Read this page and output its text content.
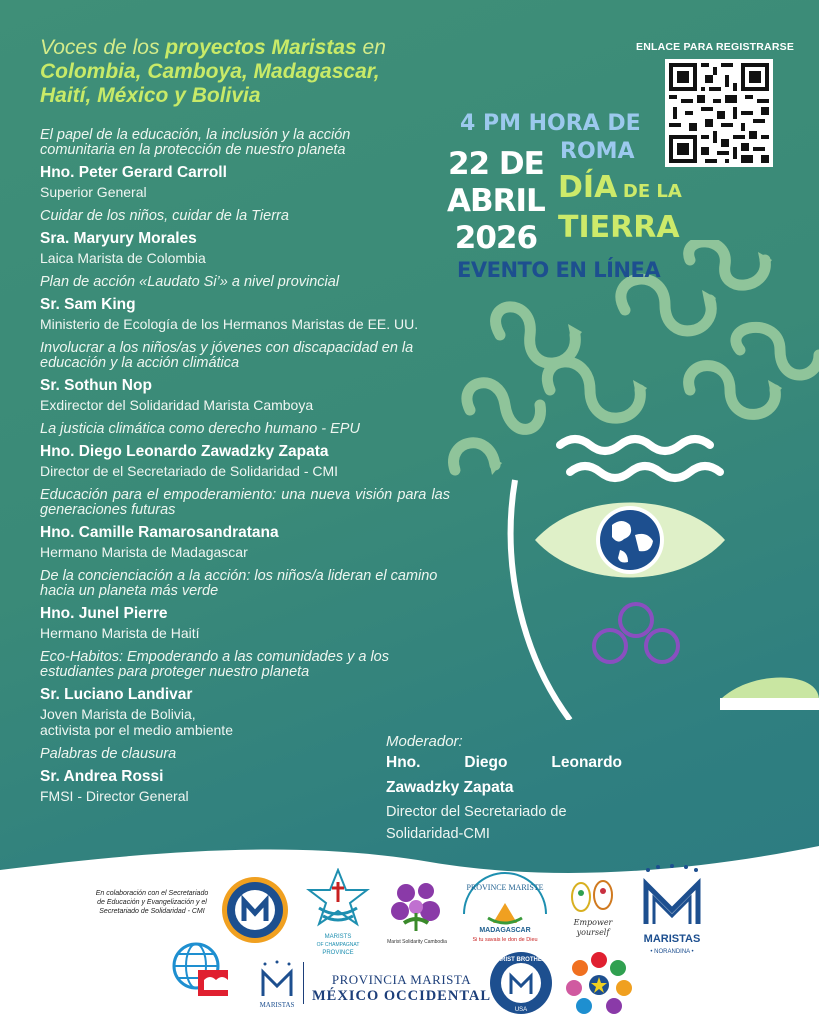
Voces de los proyectos Maristas en
Colombia, Camboya, Madagascar,
Haití, México y Bolivia
El papel de la educación, la inclusión y la acción comunitaria en la protección de nuestro planeta
Hno. Peter Gerard Carroll
Superior General
Cuidar de los niños, cuidar de la Tierra
Sra. Maryury Morales
Laica Marista de Colombia
Plan de acción «Laudato Si’» a nivel provincial
Sr. Sam King
Ministerio de Ecología de los Hermanos Maristas de EE. UU.
Involucrar a los niños/as y jóvenes con discapacidad en la educación y la acción climática
Sr. Sothun Nop
Exdirector del Solidaridad Marista Camboya
La justicia climática como derecho humano - EPU
Hno. Diego Leonardo Zawadzky Zapata
Director de el Secretariado de Solidaridad - CMI
Educación para el empoderamiento: una nueva visión para las generaciones futuras
Hno. Camille Ramarosandratana
Hermano Marista de Madagascar
De la concienciación a la acción: los niños/a lideran el camino hacia un planeta más verde
Hno. Junel Pierre
Hermano Marista de Haití
Eco-Habitos: Empoderando a las comunidades y a los estudiantes para proteger nuestro planeta
Sr. Luciano Landivar
Joven Marista de Bolivia,
activista por el medio ambiente
Palabras de clausura
Sr. Andrea Rossi
FMSI - Director General
4 PM HORA DE
ROMA
22 DE
ABRIL
2026
DÍA DE LA
TIERRA
EVENTO EN LÍNEA
ENLACE PARA REGISTRARSE
Moderador:
Hno. Diego Leonardo
Zawadzky Zapata
Director del Secretariado de
Solidaridad-CMI
En colaboración con el Secretariado de Educación y Evangelización y el Secretariado de Solidaridad - CMI
MARISTS
OF CHAMPAGNAT
PROVINCE
Marist Solidarity Cambodia
PROVINCE MARISTE
MADAGASCAR
Si tu savais le don de Dieu
Empower
yourself
MARISTAS
• NORANDINA •
MARISTAS
PROVINCIA MARISTA
MÉXICO OCCIDENTAL
MARIST BROTHERS
USA
